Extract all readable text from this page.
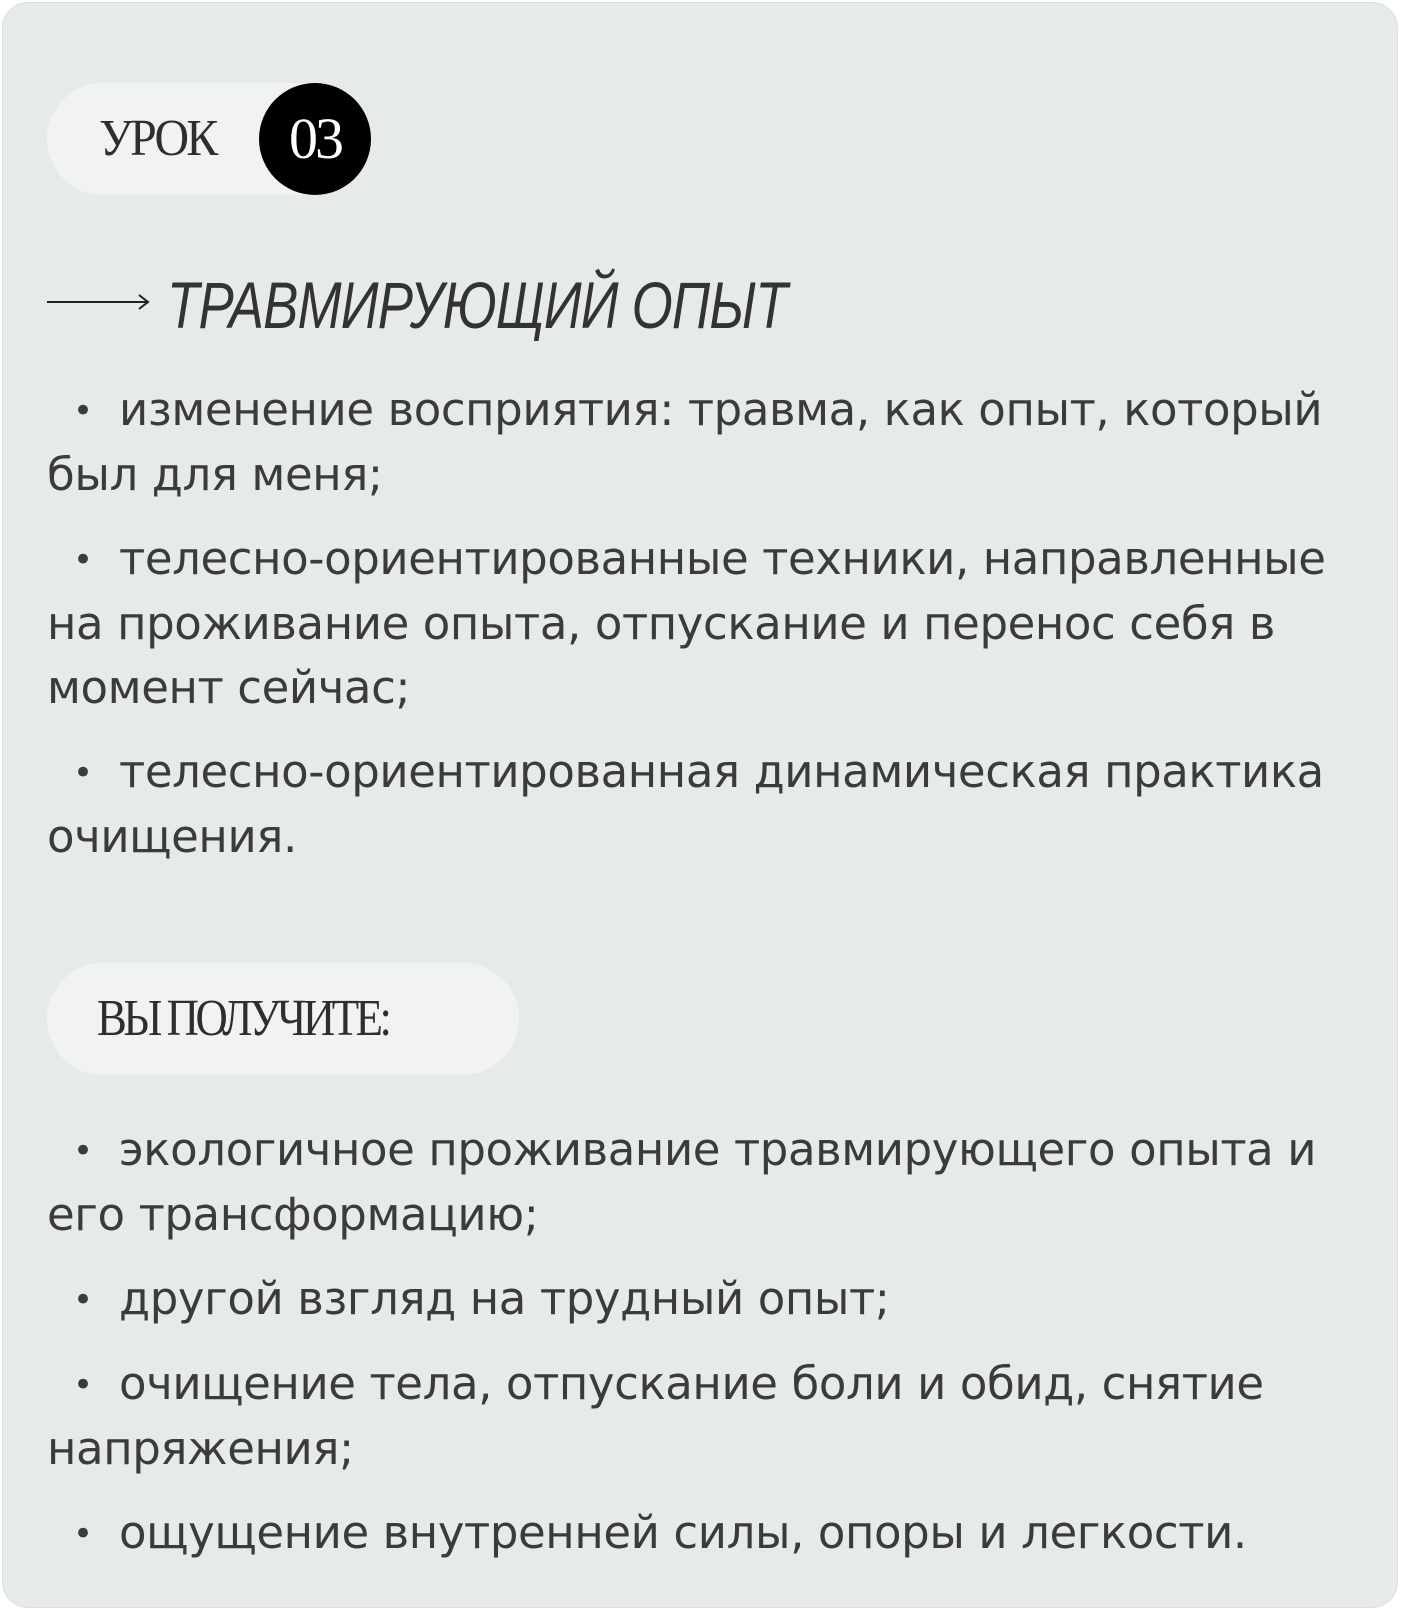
УРОК	03
ТРАВМИРУЮЩИЙ ОПЫТ
• изменение восприятия: травма, как опыт, который был для меня;
• телесно-ориентированные техники, направленные на проживание опыта, отпускание и перенос себя в момент сейчас;
• телесно-ориентированная динамическая практика очищения.
ВЫ ПОЛУЧИТЕ:
• экологичное проживание травмирующего опыта и его трансформацию;
• другой взгляд на трудный опыт;
• очищение тела, отпускание боли и обид, снятие напряжения;
• ощущение внутренней силы, опоры и легкости.
